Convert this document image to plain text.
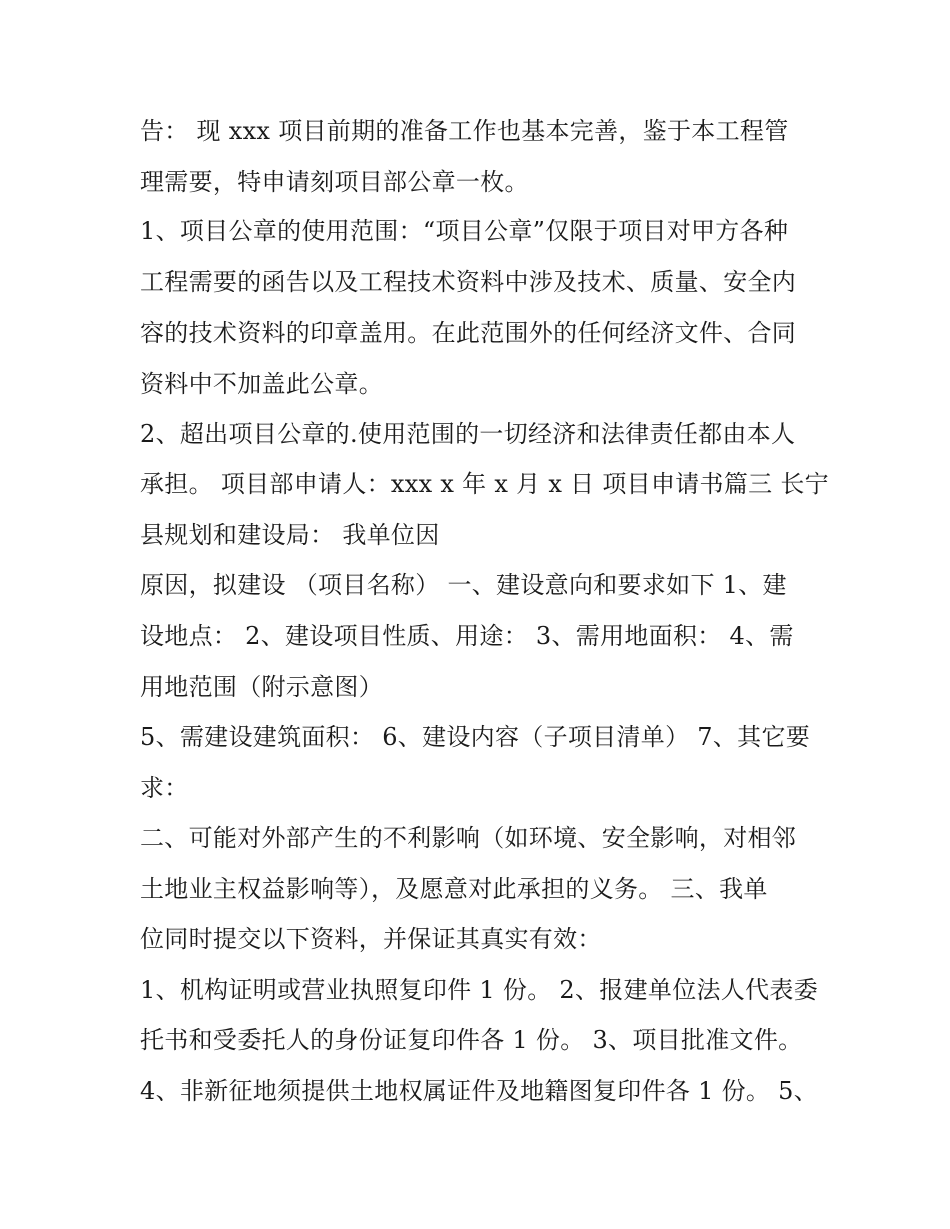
告： 现 xxx 项目前期的准备工作也基本完善，鉴于本工程管
理需要，特申请刻项目部公章一枚。
1、项目公章的使用范围：“项目公章”仅限于项目对甲方各种
工程需要的函告以及工程技术资料中涉及技术、质量、安全内
容的技术资料的印章盖用。在此范围外的任何经济文件、合同
资料中不加盖此公章。
2、超出项目公章的.使用范围的一切经济和法律责任都由本人
承担。 项目部申请人：xxx x 年 x 月 x 日 项目申请书篇三 长宁
县规划和建设局： 我单位因
原因，拟建设 （项目名称） 一、建设意向和要求如下 1、建
设地点： 2、建设项目性质、用途： 3、需用地面积： 4、需
用地范围（附示意图）
5、需建设建筑面积： 6、建设内容（子项目清单） 7、其它要
求：
二、可能对外部产生的不利影响（如环境、安全影响，对相邻
土地业主权益影响等），及愿意对此承担的义务。 三、我单
位同时提交以下资料，并保证其真实有效：
1、机构证明或营业执照复印件 1 份。 2、报建单位法人代表委
托书和受委托人的身份证复印件各 1 份。 3、项目批准文件。
4、非新征地须提供土地权属证件及地籍图复印件各 1 份。 5、
